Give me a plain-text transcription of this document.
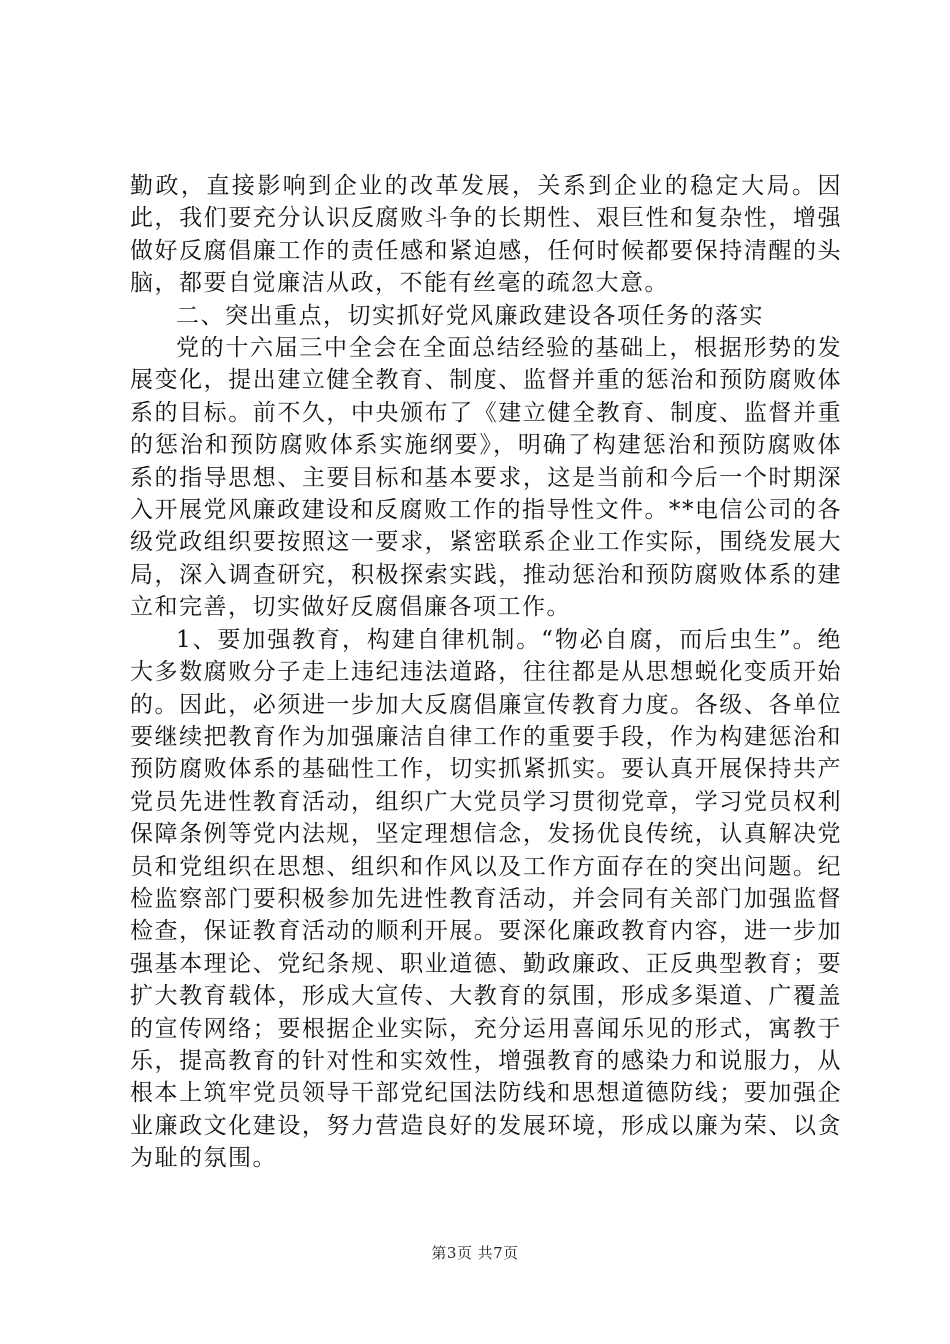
勤政，直接影响到企业的改革发展，关系到企业的稳定大局。因此，我们要充分认识反腐败斗争的长期性、艰巨性和复杂性，增强做好反腐倡廉工作的责任感和紧迫感，任何时候都要保持清醒的头脑，都要自觉廉洁从政，不能有丝毫的疏忽大意。

二、突出重点，切实抓好党风廉政建设各项任务的落实

党的十六届三中全会在全面总结经验的基础上，根据形势的发展变化，提出建立健全教育、制度、监督并重的惩治和预防腐败体系的目标。前不久，中央颁布了《建立健全教育、制度、监督并重的惩治和预防腐败体系实施纲要》，明确了构建惩治和预防腐败体系的指导思想、主要目标和基本要求，这是当前和今后一个时期深入开展党风廉政建设和反腐败工作的指导性文件。**电信公司的各级党政组织要按照这一要求，紧密联系企业工作实际，围绕发展大局，深入调查研究，积极探索实践，推动惩治和预防腐败体系的建立和完善，切实做好反腐倡廉各项工作。

1、要加强教育，构建自律机制。“物必自腐，而后虫生”。绝大多数腐败分子走上违纪违法道路，往往都是从思想蜕化变质开始的。因此，必须进一步加大反腐倡廉宣传教育力度。各级、各单位要继续把教育作为加强廉洁自律工作的重要手段，作为构建惩治和预防腐败体系的基础性工作，切实抓紧抓实。要认真开展保持共产党员先进性教育活动，组织广大党员学习贯彻党章，学习党员权利保障条例等党内法规，坚定理想信念，发扬优良传统，认真解决党员和党组织在思想、组织和作风以及工作方面存在的突出问题。纪检监察部门要积极参加先进性教育活动，并会同有关部门加强监督检查，保证教育活动的顺利开展。要深化廉政教育内容，进一步加强基本理论、党纪条规、职业道德、勤政廉政、正反典型教育；要扩大教育载体，形成大宣传、大教育的氛围，形成多渠道、广覆盖的宣传网络；要根据企业实际，充分运用喜闻乐见的形式，寓教于乐，提高教育的针对性和实效性，增强教育的感染力和说服力，从根本上筑牢党员领导干部党纪国法防线和思想道德防线；要加强企业廉政文化建设，努力营造良好的发展环境，形成以廉为荣、以贪为耻的氛围。

第3页 共7页
